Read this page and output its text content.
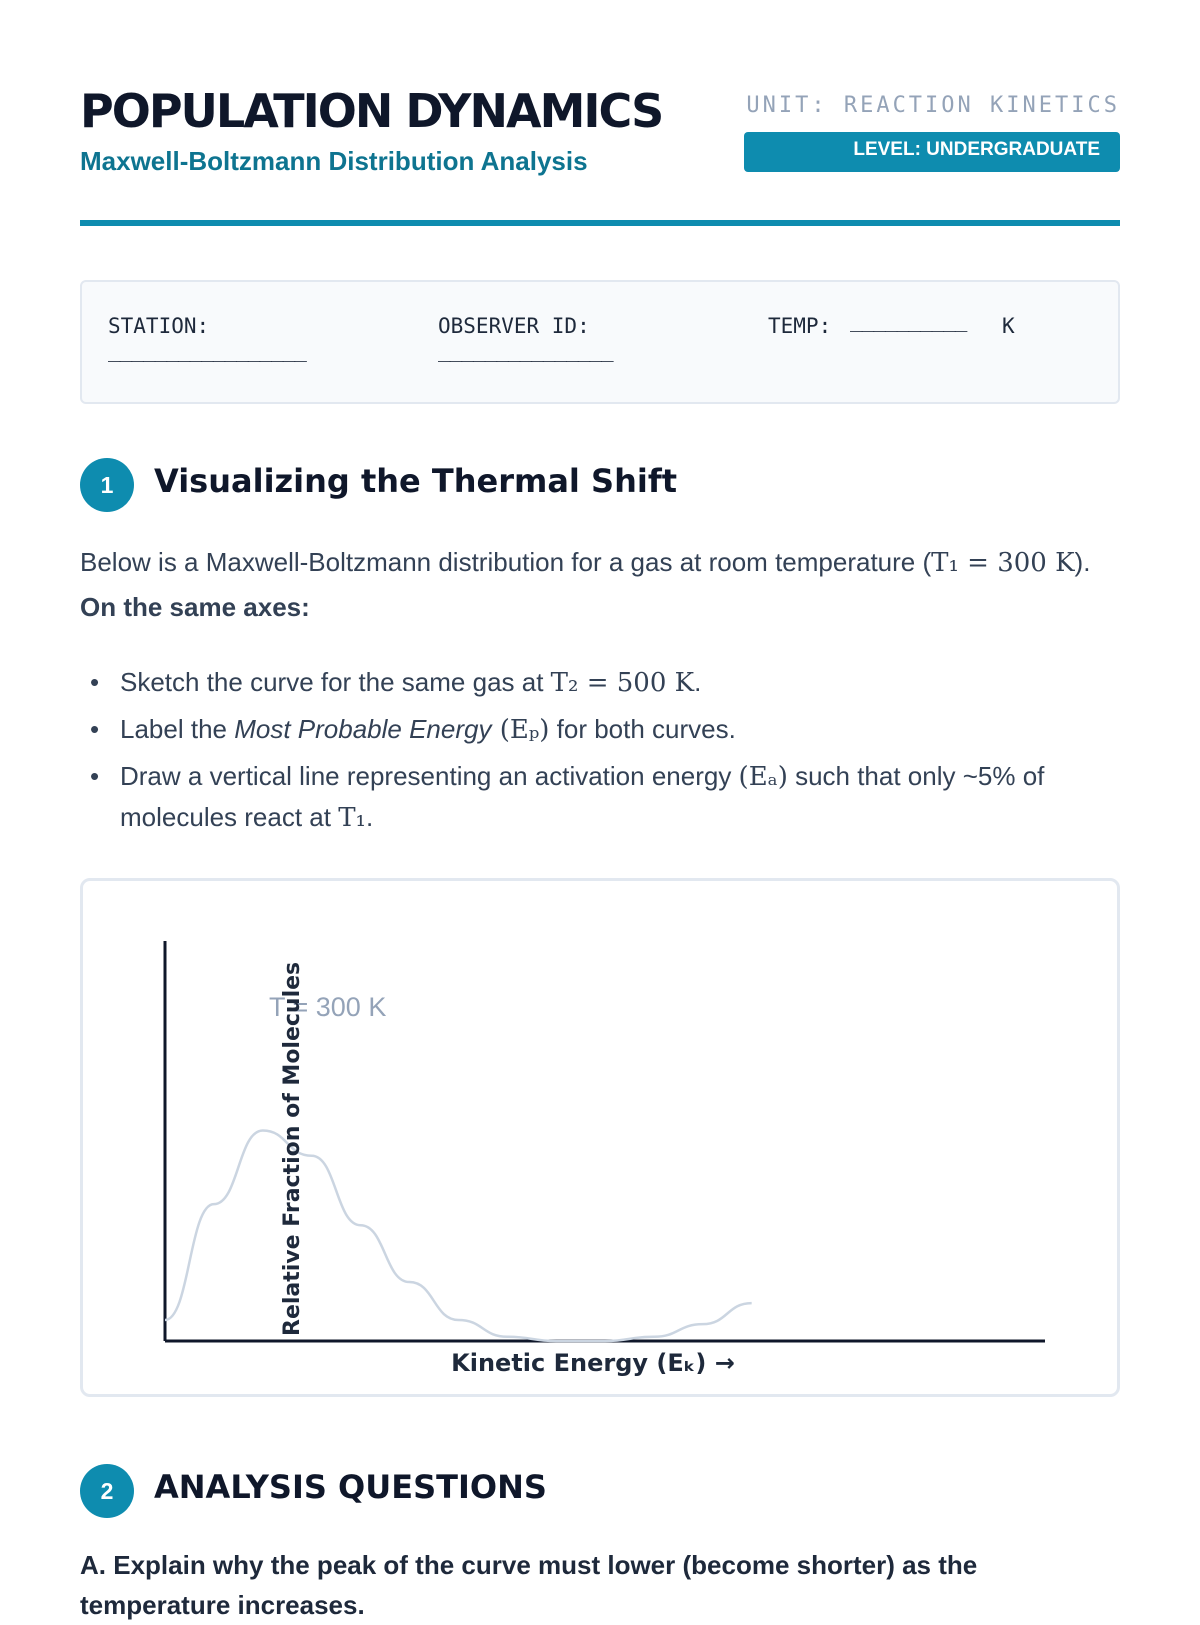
POPULATION DYNAMICS
Maxwell-Boltzmann Distribution Analysis
UNIT: REACTION KINETICS
LEVEL: UNDERGRADUATE
STATION:
_________________
OBSERVER ID:
_______________
TEMP: __________ K
1	Visualizing the Thermal Shift
Below is a Maxwell-Boltzmann distribution for a gas at room temperature (T₁ = 300 K). On the same axes:
• Sketch the curve for the same gas at T₂ = 500 K.
• Label the Most Probable Energy (Eₚ) for both curves.
• Draw a vertical line representing an activation energy (Eₐ) such that only ~5% of molecules react at T₁.
T = 300 K
Relative Fraction of Molecules
Kinetic Energy (Eₖ) →
2	ANALYSIS QUESTIONS
A. Explain why the peak of the curve must lower (become shorter) as the temperature increases.
